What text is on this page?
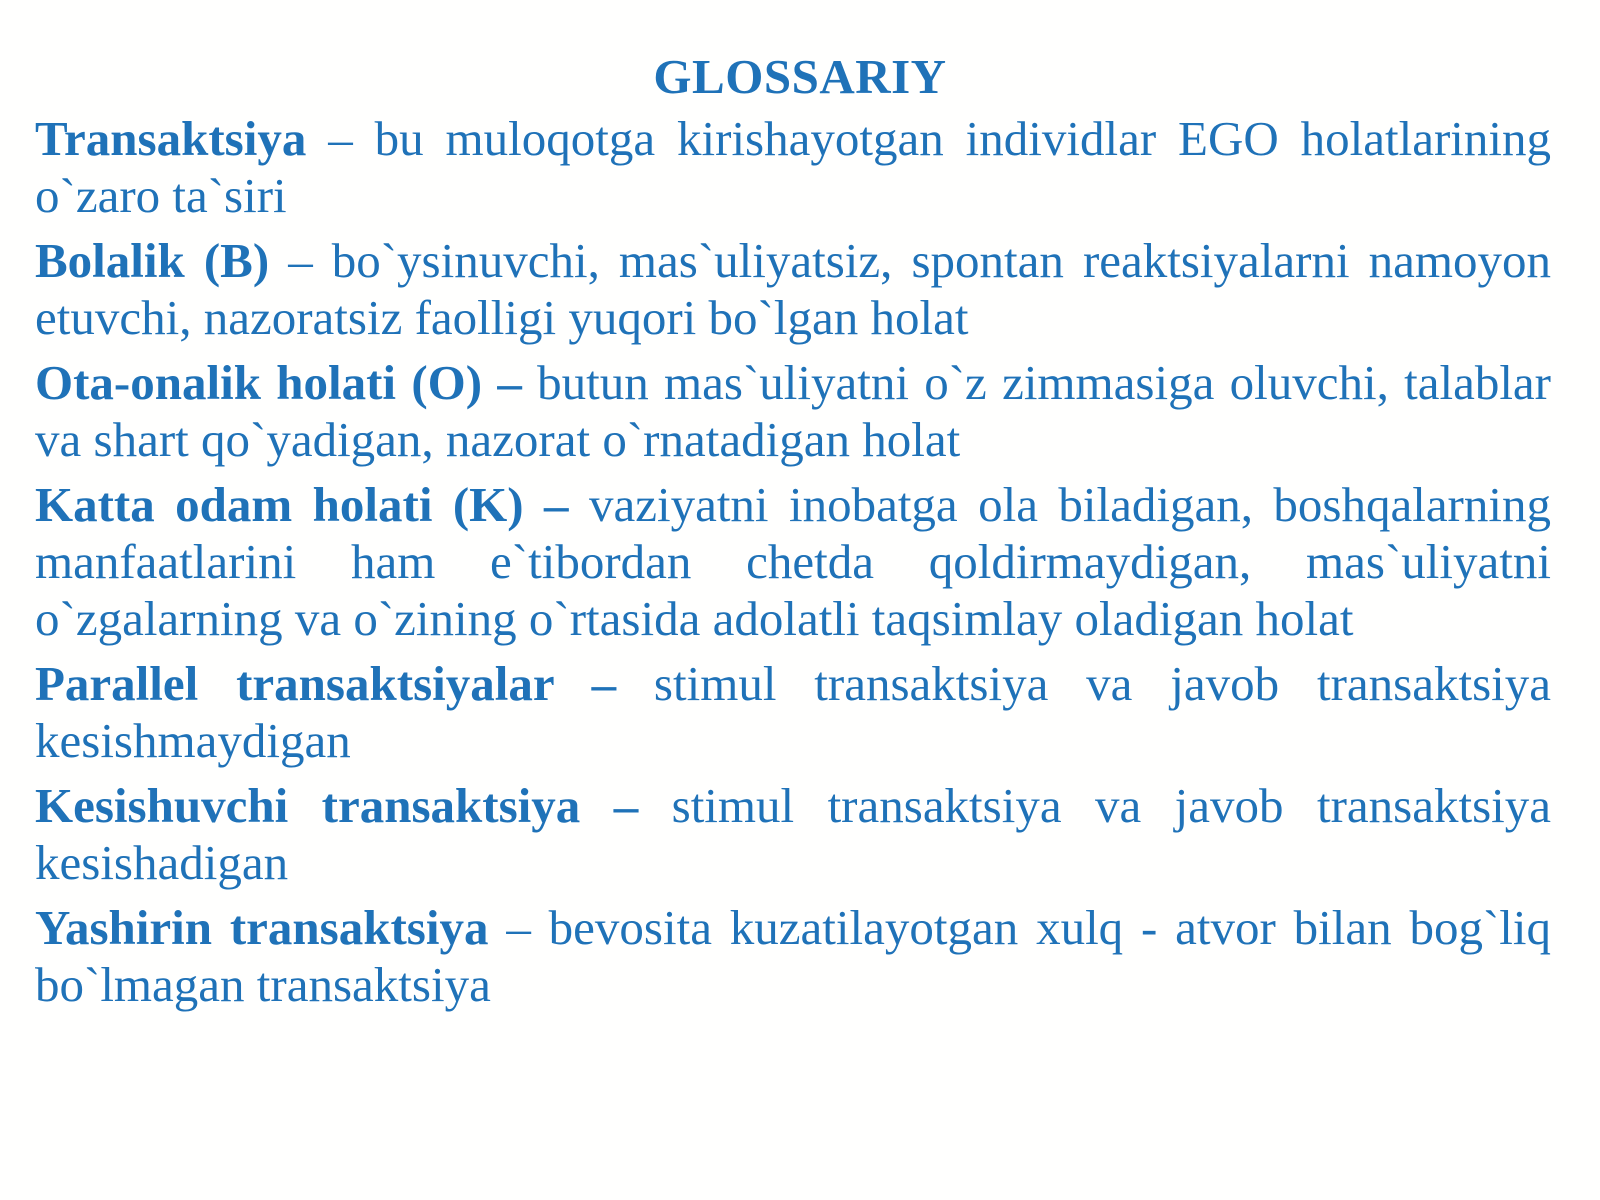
GLOSSARIY

Transaktsiya – bu muloqotga kirishayotgan individlar EGO holatlarining o`zaro ta`siri

Bolalik (B) – bo`ysinuvchi, mas`uliyatsiz, spontan reaktsiyalarni namoyon etuvchi, nazoratsiz faolligi yuqori bo`lgan holat

Ota-onalik holati (O) – butun mas`uliyatni o`z zimmasiga oluvchi, talablar va shart qo`yadigan, nazorat o`rnatadigan holat

Katta odam holati (K) – vaziyatni inobatga ola biladigan, boshqalarning manfaatlarini ham e`tibordan chetda qoldirmaydigan, mas`uliyatni o`zgalarning va o`zining o`rtasida adolatli taqsimlay oladigan holat

Parallel transaktsiyalar – stimul transaktsiya va javob transaktsiya kesishmaydigan

Kesishuvchi transaktsiya – stimul transaktsiya va javob transaktsiya kesishadigan

Yashirin transaktsiya – bevosita kuzatilayotgan xulq - atvor bilan bog`liq bo`lmagan transaktsiya
